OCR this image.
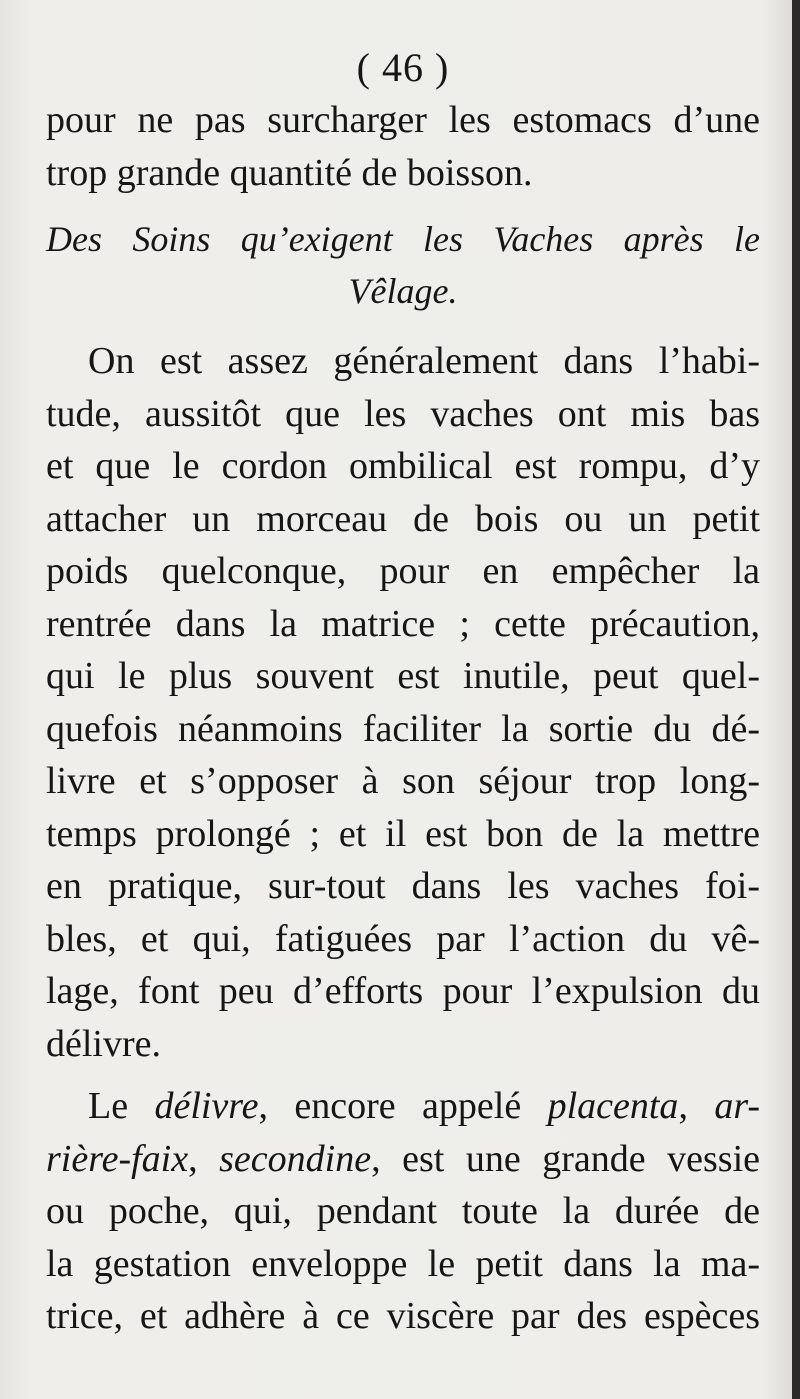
( 46 )
pour ne pas surcharger les estomacs d’une
trop grande quantité de boisson.
Des Soins qu’exigent les Vaches après le
Vêlage.
On est assez généralement dans l’habi-
tude, aussitôt que les vaches ont mis bas
et que le cordon ombilical est rompu, d’y
attacher un morceau de bois ou un petit
poids quelconque, pour en empêcher la
rentrée dans la matrice ; cette précaution,
qui le plus souvent est inutile, peut quel-
quefois néanmoins faciliter la sortie du dé-
livre et s’opposer à son séjour trop long-
temps prolongé ; et il est bon de la mettre
en pratique, sur-tout dans les vaches foi-
bles, et qui, fatiguées par l’action du vê-
lage, font peu d’efforts pour l’expulsion du
délivre.
Le délivre, encore appelé placenta, ar-
rière-faix, secondine, est une grande vessie
ou poche, qui, pendant toute la durée de
la gestation enveloppe le petit dans la ma-
trice, et adhère à ce viscère par des espèces
